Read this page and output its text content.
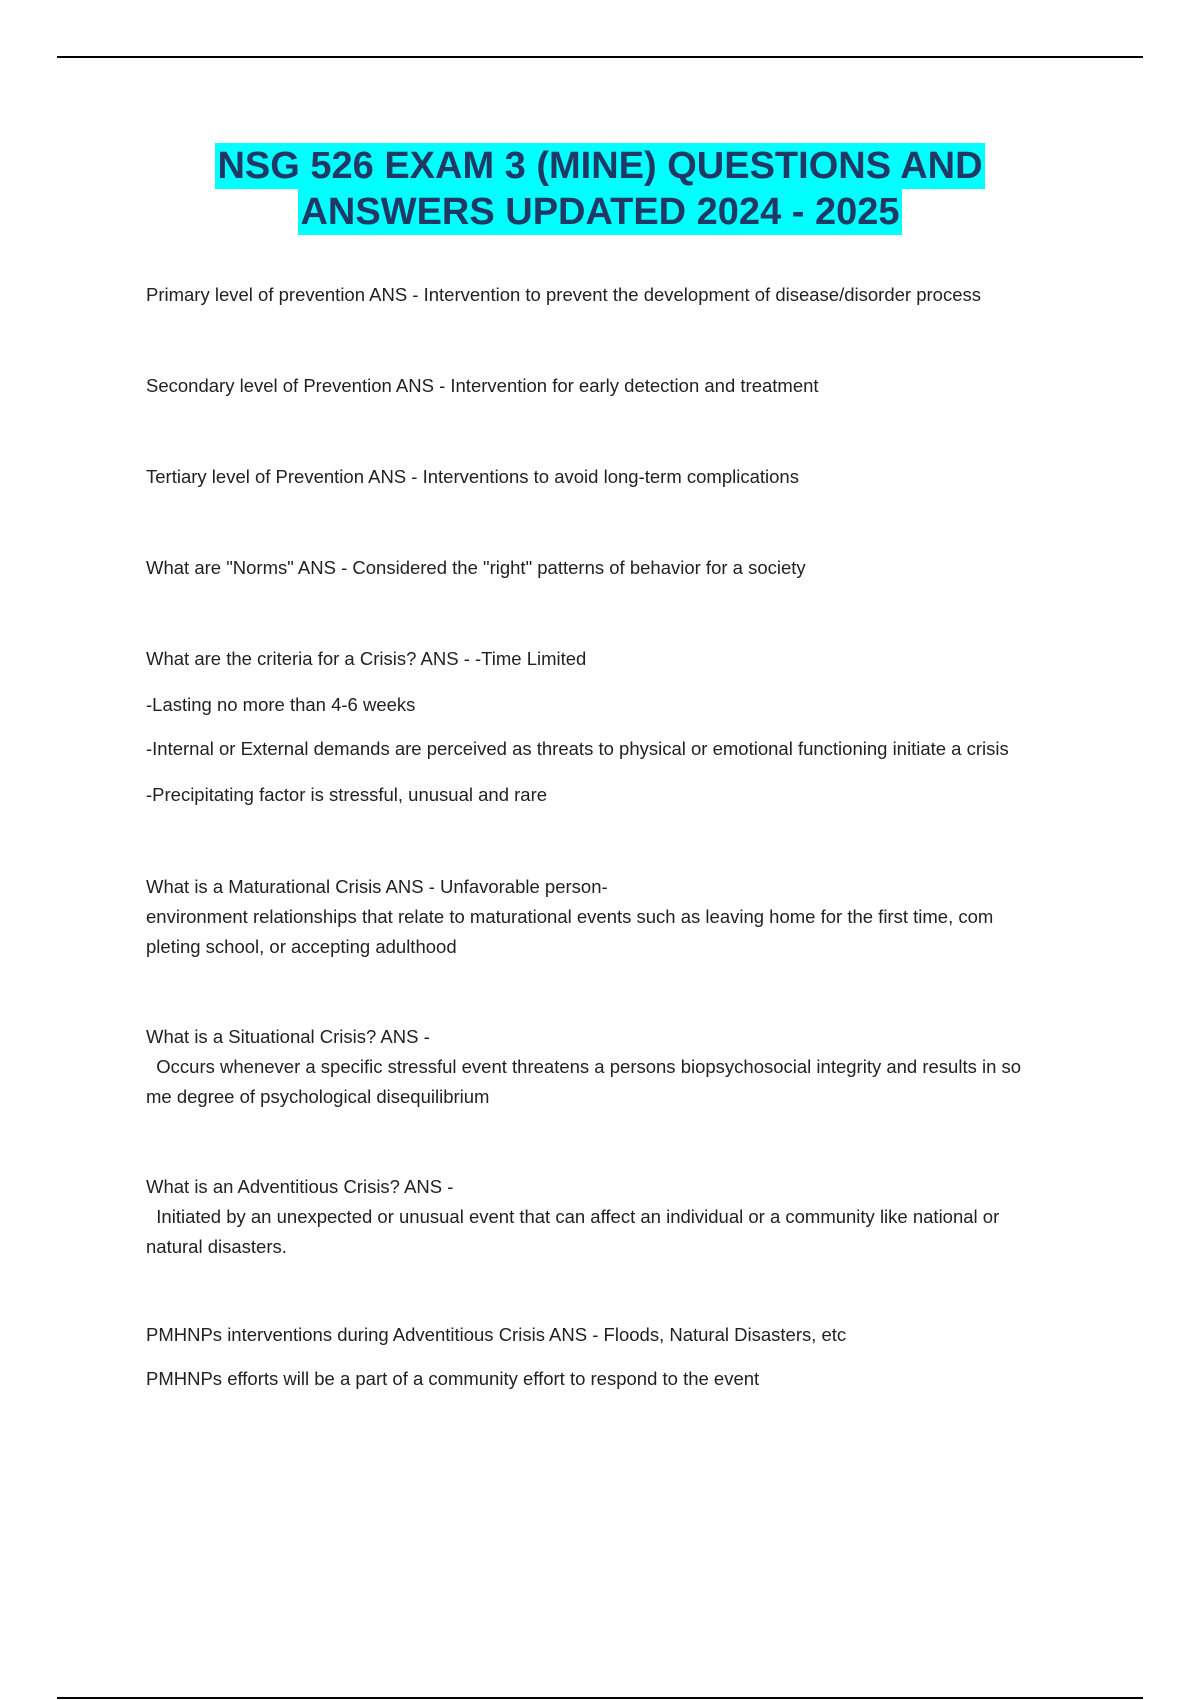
NSG 526 EXAM 3 (MINE) QUESTIONS AND
ANSWERS UPDATED 2024 - 2025

Primary level of prevention ANS - Intervention to prevent the development of disease/disorder process

Secondary level of Prevention ANS - Intervention for early detection and treatment

Tertiary level of Prevention ANS - Interventions to avoid long-term complications

What are "Norms" ANS - Considered the "right" patterns of behavior for a society

What are the criteria for a Crisis? ANS - -Time Limited

-Lasting no more than 4-6 weeks

-Internal or External demands are perceived as threats to physical or emotional functioning initiate a crisis

-Precipitating factor is stressful, unusual and rare

What is a Maturational Crisis ANS - Unfavorable person-

environment relationships that relate to maturational events such as leaving home for the first time, com

pleting school, or accepting adulthood

What is a Situational Crisis? ANS -

Occurs whenever a specific stressful event threatens a persons biopsychosocial integrity and results in so

me degree of psychological disequilibrium

What is an Adventitious Crisis? ANS -

Initiated by an unexpected or unusual event that can affect an individual or a community like national or

natural disasters.

PMHNPs interventions during Adventitious Crisis ANS - Floods, Natural Disasters, etc

PMHNPs efforts will be a part of a community effort to respond to the event
